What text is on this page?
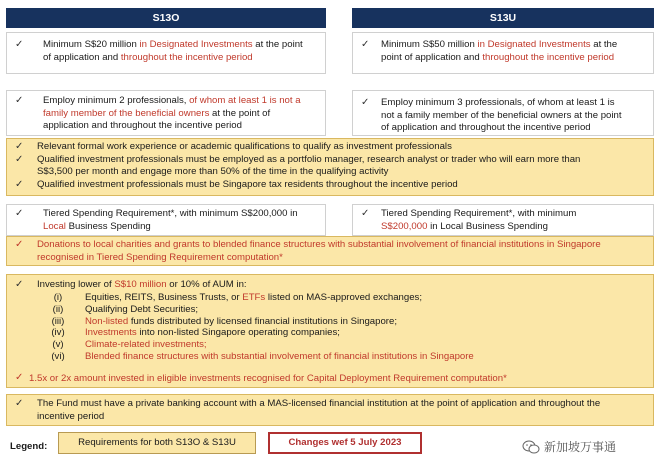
S13O	S13U
✓ Minimum S$20 million in Designated Investments at the point
of application and throughout the incentive period
✓ Minimum S$50 million in Designated Investments at the
point of application and throughout the incentive period
✓ Employ minimum 2 professionals, of whom at least 1 is not a
family member of the beneficial owners at the point of
application and throughout the incentive period
✓ Employ minimum 3 professionals, of whom at least 1 is
not a family member of the beneficial owners at the point
of application and throughout the incentive period
✓
✓
✓
Relevant formal work experience or academic qualifications to qualify as investment professionals
Qualified investment professionals must be employed as a portfolio manager, research analyst or trader who will earn more than
S$3,500 per month and engage more than 50% of the time in the qualifying activity
Qualified investment professionals must be Singapore tax residents throughout the incentive period
✓ Tiered Spending Requirement*, with minimum S$200,000 in
Local Business Spending
✓ Tiered Spending Requirement*, with minimum
S$200,000 in Local Business Spending
✓ Donations to local charities and grants to blended finance structures with substantial involvement of financial institutions in Singapore
recognised in Tiered Spending Requirement computation*
✓ Investing lower of S$10 million or 10% of AUM in:
(i) Equities, REITS, Business Trusts, or ETFs listed on MAS-approved exchanges;
(ii) Qualifying Debt Securities;
(iii) Non-listed funds distributed by licensed financial institutions in Singapore;
(iv) Investments into non-listed Singapore operating companies;
(v) Climate-related investments;
(vi) Blended finance structures with substantial involvement of financial institutions in Singapore
✓ 1.5x or 2x amount invested in eligible investments recognised for Capital Deployment Requirement computation*
✓ The Fund must have a private banking account with a MAS-licensed financial institution at the point of application and throughout the
incentive period
Legend:	Requirements for both S13O & S13U	Changes wef 5 July 2023	新加坡万事通
